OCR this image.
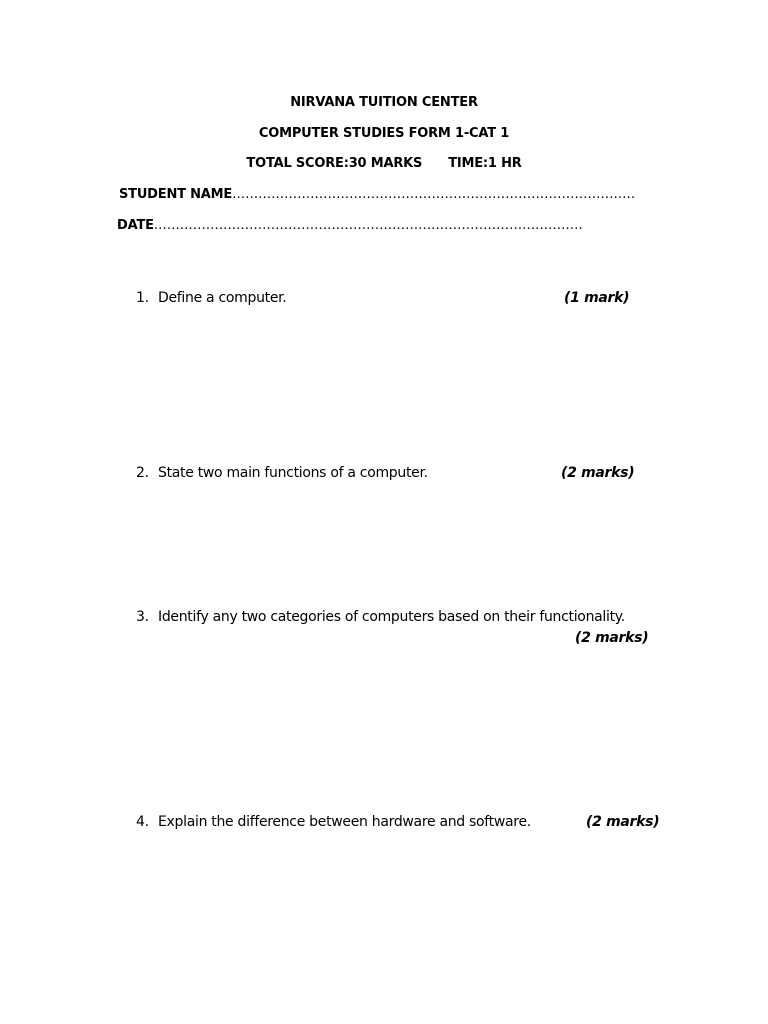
NIRVANA TUITION CENTER
COMPUTER STUDIES FORM 1-CAT 1
TOTAL SCORE:30 MARKS TIME:1 HR
STUDENT NAME…………………………………………………………………………………
DATE………………………………………………………………………………………
1. Define a computer.	(1 mark)
2. State two main functions of a computer.	(2 marks)
3. Identify any two categories of computers based on their functionality.
(2 marks)
4. Explain the difference between hardware and software.	(2 marks)
